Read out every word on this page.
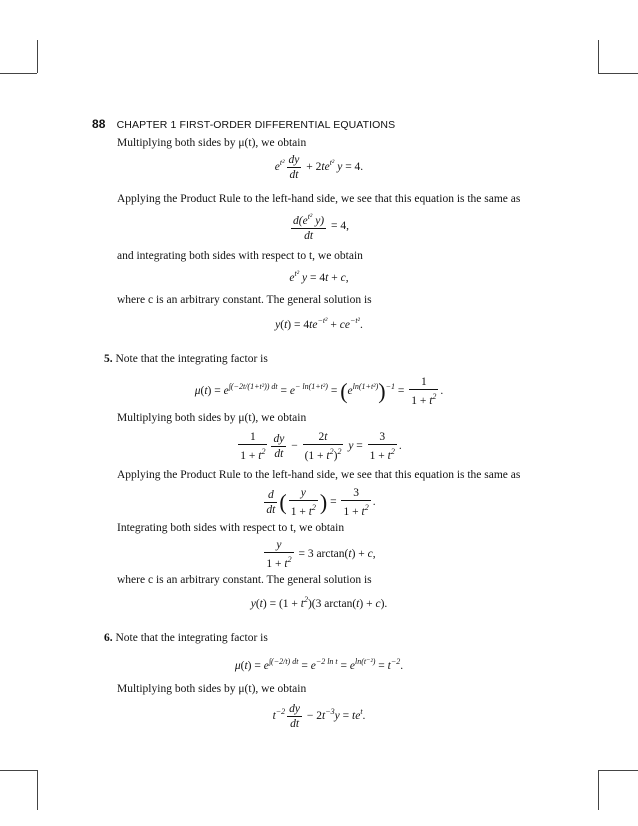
88 CHAPTER 1 FIRST-ORDER DIFFERENTIAL EQUATIONS
Multiplying both sides by μ(t), we obtain
$e^{t^2} \frac{dy}{dt} + 2te^{t^2}$ y = 4.
Applying the Product Rule to the left-hand side, we see that this equation is the same as
$\frac{d(e^{t^2} y)}{dt} = 4$,
and integrating both sides with respect to t, we obtain
$e^{t^2}$ y = 4t + c,
where c is an arbitrary constant. The general solution is
$y(t) = 4te^{-t^2} + ce^{-t^2}$.
5. Note that the integrating factor is
$\mu(t) = e^{\int(-2t/(1+t^2)) dt} = e^{- ln(1+t^2)} = (e^{ln(1+t^2)})^{-1} = \frac{1}{1 + t^2}$ .
Multiplying both sides by μ(t), we obtain
$\frac{1}{1 + t^2} \frac{dy}{dt} - \frac{2t}{(1 + t^2)^2}$ $y = \frac{3}{1 + t^2}$ .
Applying the Product Rule to the left-hand side, we see that this equation is the same as
$\frac{d}{dt}$ ( $\frac{y}{1 + t^2}$ ) = $\frac{3}{1 + t^2}$ .
Integrating both sides with respect to t, we obtain
$\frac{y}{1 + t^2} = 3$ arctan(t) + c,
where c is an arbitrary constant. The general solution is
$y(t) = (1 + t^2)(3$ arctan(t) + c).
6. Note that the integrating factor is
$\mu(t) = e^{\int(-2/t) dt} = e^{-2 ln t} = e^{ln(t^{-2})} = t^{-2}$.
Multiplying both sides by μ(t), we obtain
$t^{-2} \frac{dy}{dt} - 2t^{-3}y = te^t$.
